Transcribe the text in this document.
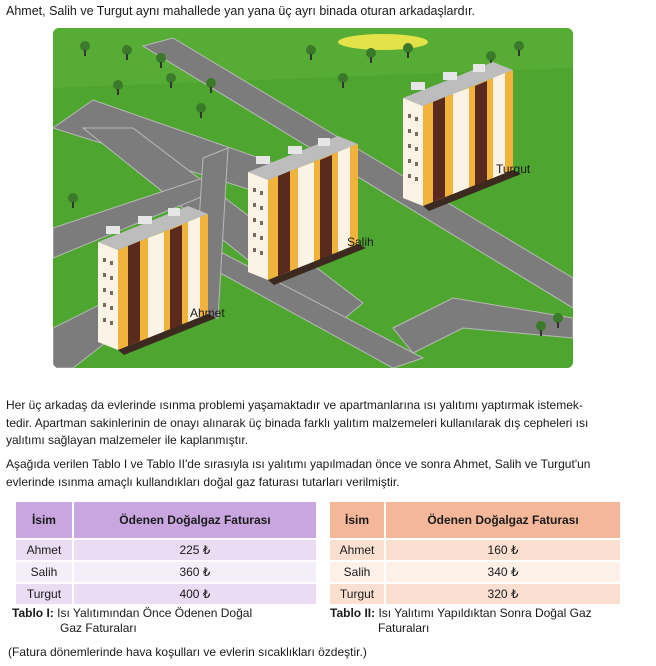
Ahmet, Salih ve Turgut aynı mahallede yan yana üç ayrı binada oturan arkadaşlardır.
Ahmet
Salih
Turgut
Her üç arkadaş da evlerinde ısınma problemi yaşamaktadır ve apartmanlarına ısı yalıtımı yaptırmak istemek-
tedir. Apartman sakinlerinin de onayı alınarak üç binada farklı yalıtım malzemeleri kullanılarak dış cepheleri ısı
yalıtımı sağlayan malzemeler ile kaplanmıştır.
Aşağıda verilen Tablo I ve Tablo II'de sırasıyla ısı yalıtımı yapılmadan önce ve sonra Ahmet, Salih ve Turgut'un
evlerinde ısınma amaçlı kullandıkları doğal gaz faturası tutarları verilmiştir.
İsim	Ödenen Doğalgaz Faturası
Ahmet	225 ₺
Salih	360 ₺
Turgut	400 ₺
İsim	Ödenen Doğalgaz Faturası
Ahmet	160 ₺
Salih	340 ₺
Turgut	320 ₺
Tablo I: Isı Yalıtımından Önce Ödenen Doğal
Gaz Faturaları
Tablo II: Isı Yalıtımı Yapıldıktan Sonra Doğal Gaz
Faturaları
(Fatura dönemlerinde hava koşulları ve evlerin sıcaklıkları özdeştir.)
